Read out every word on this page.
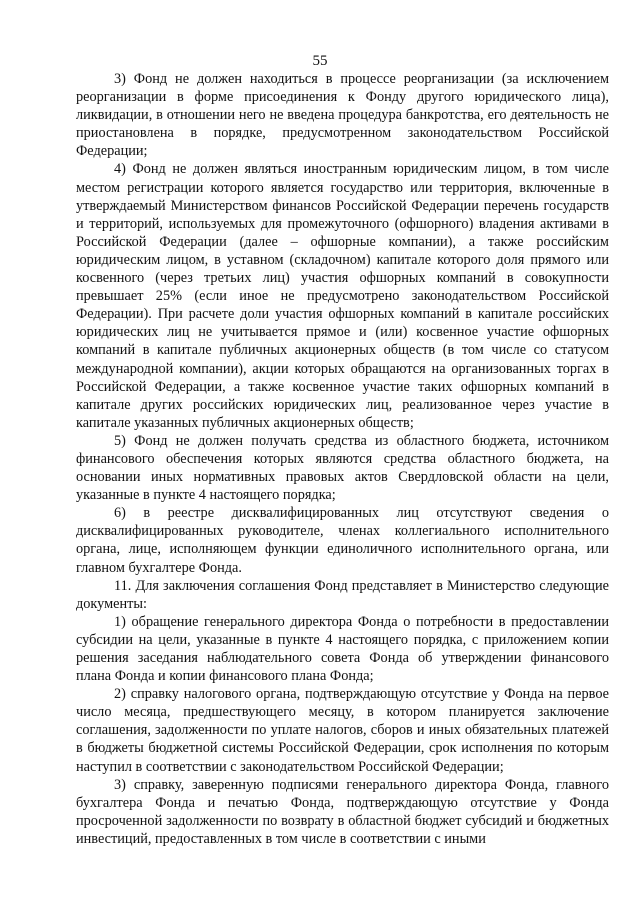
55

3) Фонд не должен находиться в процессе реорганизации (за исключением реорганизации в форме присоединения к Фонду другого юридического лица), ликвидации, в отношении него не введена процедура банкротства, его деятельность не приостановлена в порядке, предусмотренном законодательством Российской Федерации;

4) Фонд не должен являться иностранным юридическим лицом, в том числе местом регистрации которого является государство или территория, включенные в утверждаемый Министерством финансов Российской Федерации перечень государств и территорий, используемых для промежуточного (офшорного) владения активами в Российской Федерации (далее – офшорные компании), а также российским юридическим лицом, в уставном (складочном) капитале которого доля прямого или косвенного (через третьих лиц) участия офшорных компаний в совокупности превышает 25% (если иное не предусмотрено законодательством Российской Федерации). При расчете доли участия офшорных компаний в капитале российских юридических лиц не учитывается прямое и (или) косвенное участие офшорных компаний в капитале публичных акционерных обществ (в том числе со статусом международной компании), акции которых обращаются на организованных торгах в Российской Федерации, а также косвенное участие таких офшорных компаний в капитале других российских юридических лиц, реализованное через участие в капитале указанных публичных акционерных обществ;

5) Фонд не должен получать средства из областного бюджета, источником финансового обеспечения которых являются средства областного бюджета, на основании иных нормативных правовых актов Свердловской области на цели, указанные в пункте 4 настоящего порядка;

6) в реестре дисквалифицированных лиц отсутствуют сведения о дисквалифицированных руководителе, членах коллегиального исполнительного органа, лице, исполняющем функции единоличного исполнительного органа, или главном бухгалтере Фонда.

11. Для заключения соглашения Фонд представляет в Министерство следующие документы:

1) обращение генерального директора Фонда о потребности в предоставлении субсидии на цели, указанные в пункте 4 настоящего порядка, с приложением копии решения заседания наблюдательного совета Фонда об утверждении финансового плана Фонда и копии финансового плана Фонда;

2) справку налогового органа, подтверждающую отсутствие у Фонда на первое число месяца, предшествующего месяцу, в котором планируется заключение соглашения, задолженности по уплате налогов, сборов и иных обязательных платежей в бюджеты бюджетной системы Российской Федерации, срок исполнения по которым наступил в соответствии с законодательством Российской Федерации;

3) справку, заверенную подписями генерального директора Фонда, главного бухгалтера Фонда и печатью Фонда, подтверждающую отсутствие у Фонда просроченной задолженности по возврату в областной бюджет субсидий и бюджетных инвестиций, предоставленных в том числе в соответствии с иными
